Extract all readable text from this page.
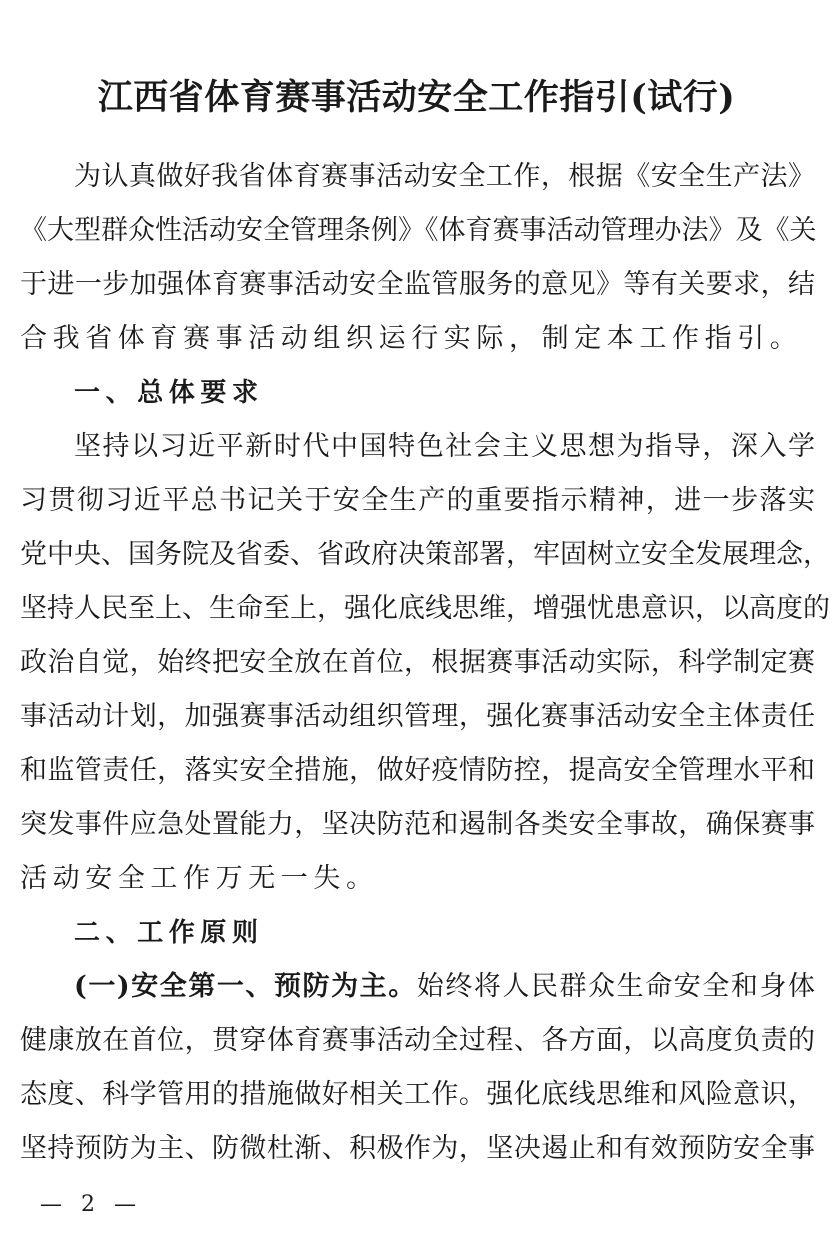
江西省体育赛事活动安全工作指引(试行)
为认真做好我省体育赛事活动安全工作，根据《安全生产法》
《大型群众性活动安全管理条例》《体育赛事活动管理办法》及《关
于进一步加强体育赛事活动安全监管服务的意见》等有关要求，结
合我省体育赛事活动组织运行实际，制定本工作指引。
一、总体要求
坚持以习近平新时代中国特色社会主义思想为指导，深入学
习贯彻习近平总书记关于安全生产的重要指示精神，进一步落实
党中央、国务院及省委、省政府决策部署，牢固树立安全发展理念，
坚持人民至上、生命至上，强化底线思维，增强忧患意识，以高度的
政治自觉，始终把安全放在首位，根据赛事活动实际，科学制定赛
事活动计划，加强赛事活动组织管理，强化赛事活动安全主体责任
和监管责任，落实安全措施，做好疫情防控，提高安全管理水平和
突发事件应急处置能力，坚决防范和遏制各类安全事故，确保赛事
活动安全工作万无一失。
二、工作原则
(一)安全第一、预防为主。始终将人民群众生命安全和身体
健康放在首位，贯穿体育赛事活动全过程、各方面，以高度负责的
态度、科学管用的措施做好相关工作。强化底线思维和风险意识，
坚持预防为主、防微杜渐、积极作为，坚决遏止和有效预防安全事
— 2 —
